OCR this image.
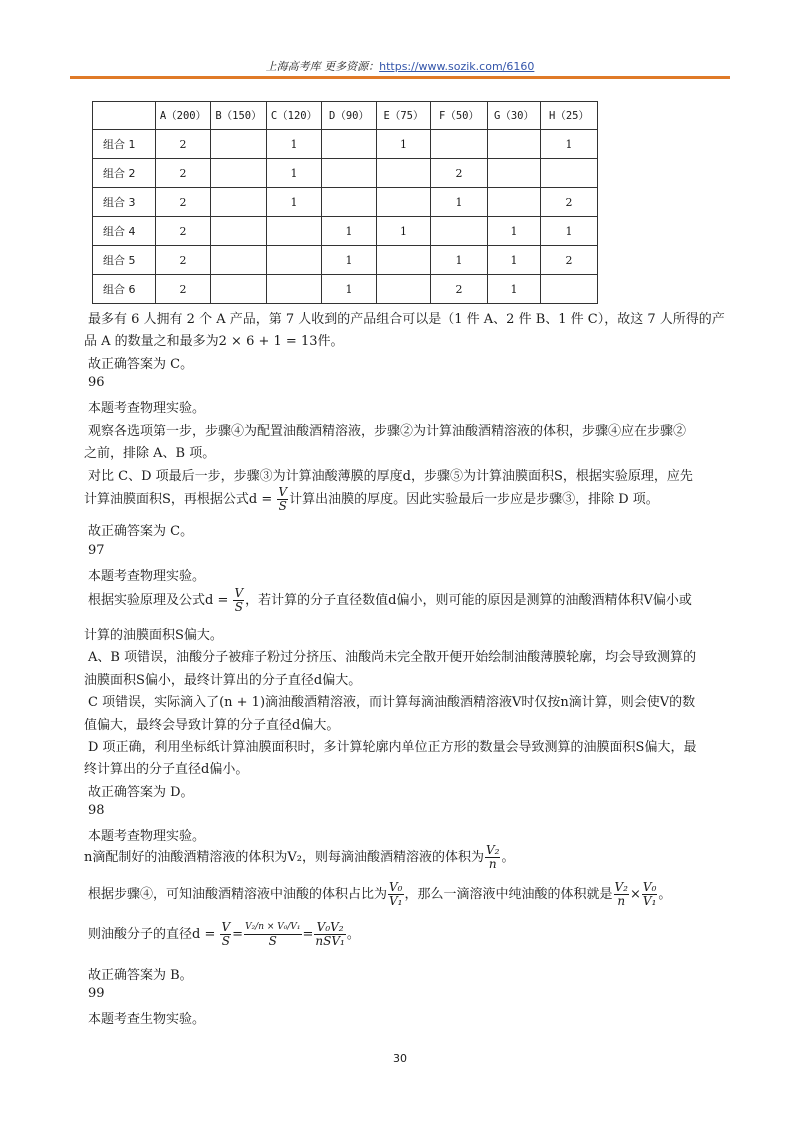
上海高考库 更多资源：https://www.sozik.com/6160
	A（200）	B（150）	C（120）	D（90）	E（75）	F（50）	G（30）	H（25）
组合 1	2		1		1			1
组合 2	2		1			2		
组合 3	2		1			1		2
组合 4	2			1	1		1	1
组合 5	2			1		1	1	2
组合 6	2			1		2	1	
最多有 6 人拥有 2 个 A 产品，第 7 人收到的产品组合可以是（1 件 A、2 件 B、1 件 C），故这 7 人所得的产
品 A 的数量之和最多为2 × 6 + 1 = 13件。
故正确答案为 C。
96
本题考查物理实验。
观察各选项第一步，步骤④为配置油酸酒精溶液，步骤②为计算油酸酒精溶液的体积，步骤④应在步骤②
之前，排除 A、B 项。
对比 C、D 项最后一步，步骤③为计算油酸薄膜的厚度d，步骤⑤为计算油膜面积S，根据实验原理，应先
计算油膜面积S，再根据公式$d = \frac{V}{S}$ 计算出油膜的厚度。因此实验最后一步应是步骤③，排除 D 项。
故正确答案为 C。
97
本题考查物理实验。
根据实验原理及公式$d = \frac{V}{S}$ ，若计算的分子直径数值d偏小，则可能的原因是测算的油酸酒精体积V偏小或
计算的油膜面积S偏大。
A、B 项错误，油酸分子被痱子粉过分挤压、油酸尚未完全散开便开始绘制油酸薄膜轮廓，均会导致测算的
油膜面积S偏小，最终计算出的分子直径d偏大。
C 项错误，实际滴入了(n + 1)滴油酸酒精溶液，而计算每滴油酸酒精溶液V时仅按n滴计算，则会使V的数
值偏大，最终会导致计算的分子直径d偏大。
D 项正确，利用坐标纸计算油膜面积时，多计算轮廓内单位正方形的数量会导致测算的油膜面积S偏大，最
终计算出的分子直径d偏小。
故正确答案为 D。
98
本题考查物理实验。
n滴配制好的油酸酒精溶液的体积为V₂，则每滴油酸酒精溶液的体积为 $\frac{\text{V₂}}{n}$ 。
根据步骤④，可知油酸酒精溶液中油酸的体积占比为 $\frac{\text{V₀}}{\text{V₁}}$ ，那么一滴溶液中纯油酸的体积就是 $\frac{\text{V₂}}{n} \times \frac{\text{V₀}}{\text{V₁}}$ 。
则油酸分子的直径$d = \frac{V}{S} = \frac{\text{V₂/n × V₀/V₁}}{S} = \frac{\text{V₀V₂}}{\text{nSV₁}}$ 。
故正确答案为 B。
99
本题考查生物实验。
30
